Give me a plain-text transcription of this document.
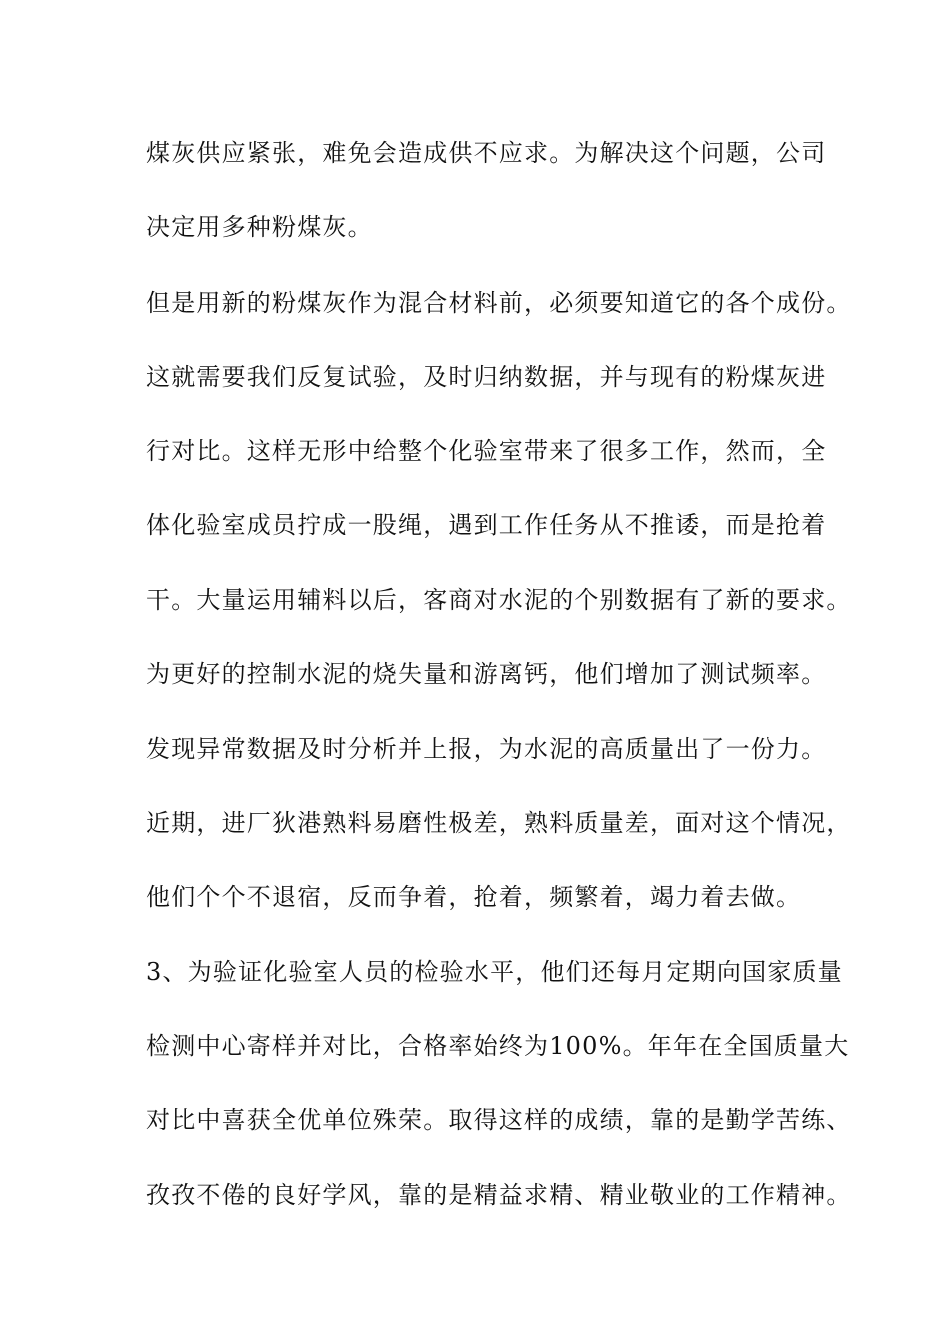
煤灰供应紧张，难免会造成供不应求。为解决这个问题，公司
决定用多种粉煤灰。
但是用新的粉煤灰作为混合材料前，必须要知道它的各个成份。
这就需要我们反复试验，及时归纳数据，并与现有的粉煤灰进
行对比。这样无形中给整个化验室带来了很多工作，然而，全
体化验室成员拧成一股绳，遇到工作任务从不推诿，而是抢着
干。大量运用辅料以后，客商对水泥的个别数据有了新的要求。
为更好的控制水泥的烧失量和游离钙，他们增加了测试频率。
发现异常数据及时分析并上报，为水泥的高质量出了一份力。
近期，进厂狄港熟料易磨性极差，熟料质量差，面对这个情况，
他们个个不退宿，反而争着，抢着，频繁着，竭力着去做。
3、为验证化验室人员的检验水平，他们还每月定期向国家质量
检测中心寄样并对比，合格率始终为100%。年年在全国质量大
对比中喜获全优单位殊荣。取得这样的成绩，靠的是勤学苦练、
孜孜不倦的良好学风，靠的是精益求精、精业敬业的工作精神。
